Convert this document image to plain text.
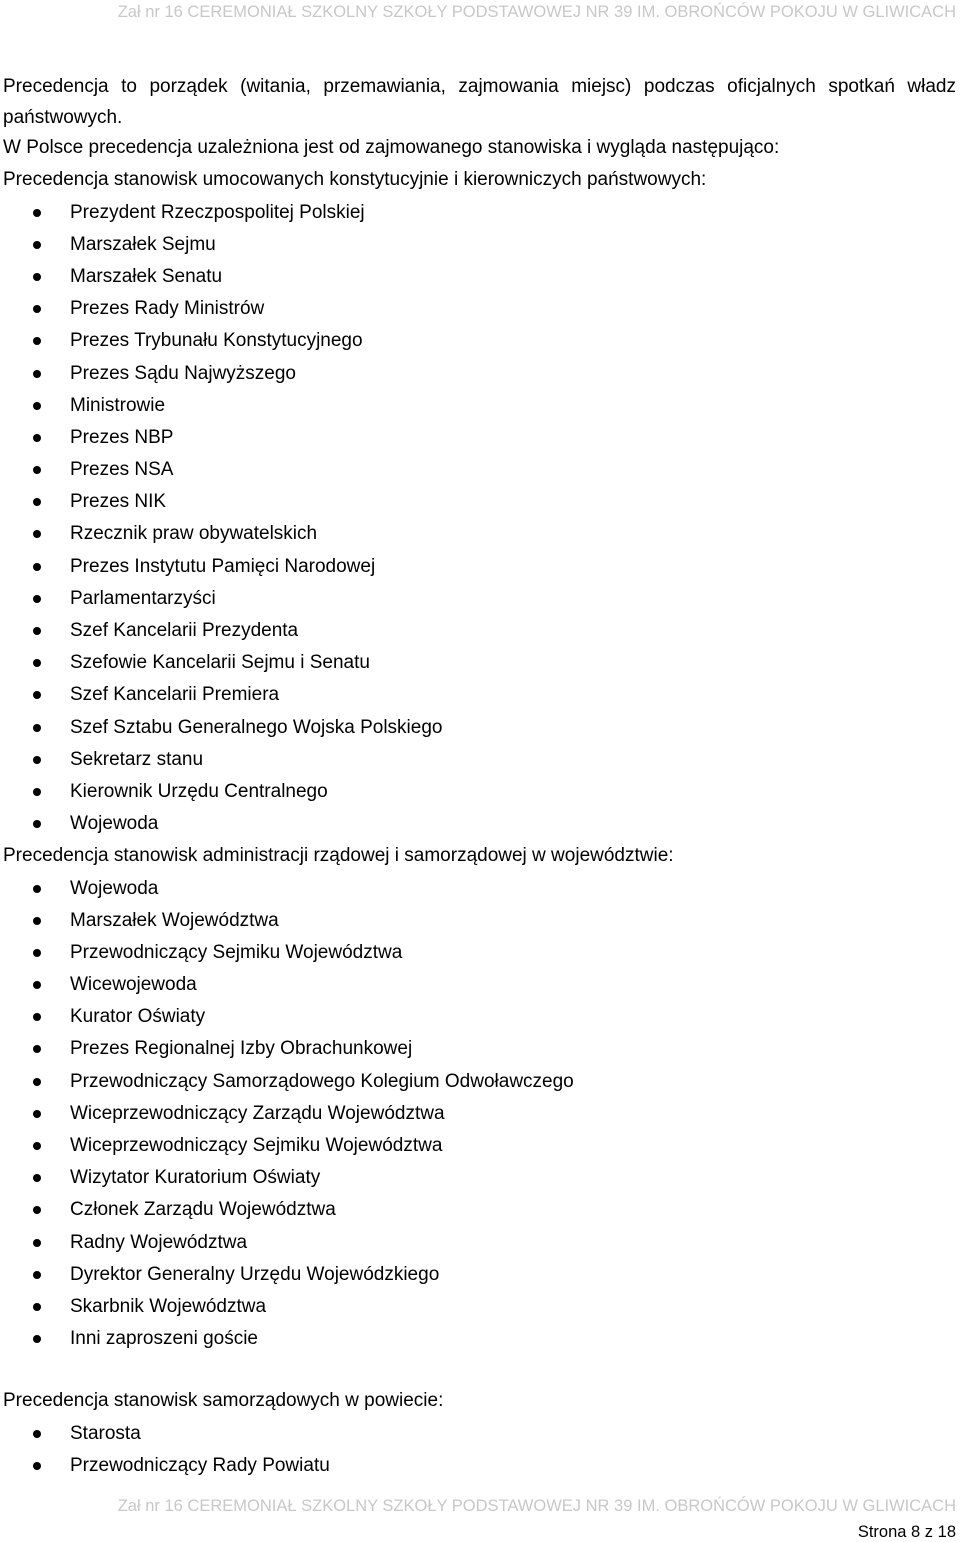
Zał nr 16 CEREMONIAŁ SZKOLNY SZKOŁY PODSTAWOWEJ NR 39 IM. OBROŃCÓW POKOJU W GLIWICACH
Precedencja to porządek (witania, przemawiania, zajmowania miejsc) podczas oficjalnych spotkań władz
państwowych.
W Polsce precedencja uzależniona jest od zajmowanego stanowiska i wygląda następująco:
Precedencja stanowisk umocowanych konstytucyjnie i kierowniczych państwowych:
Prezydent Rzeczpospolitej Polskiej
Marszałek Sejmu
Marszałek Senatu
Prezes Rady Ministrów
Prezes Trybunału Konstytucyjnego
Prezes Sądu Najwyższego
Ministrowie
Prezes NBP
Prezes NSA
Prezes NIK
Rzecznik praw obywatelskich
Prezes Instytutu Pamięci Narodowej
Parlamentarzyści
Szef Kancelarii Prezydenta
Szefowie Kancelarii Sejmu i Senatu
Szef Kancelarii Premiera
Szef Sztabu Generalnego Wojska Polskiego
Sekretarz stanu
Kierownik Urzędu Centralnego
Wojewoda
Precedencja stanowisk administracji rządowej i samorządowej w województwie:
Wojewoda
Marszałek Województwa
Przewodniczący Sejmiku Województwa
Wicewojewoda
Kurator Oświaty
Prezes Regionalnej Izby Obrachunkowej
Przewodniczący Samorządowego Kolegium Odwoławczego
Wiceprzewodniczący Zarządu Województwa
Wiceprzewodniczący Sejmiku Województwa
Wizytator Kuratorium Oświaty
Członek Zarządu Województwa
Radny Województwa
Dyrektor Generalny Urzędu Wojewódzkiego
Skarbnik Województwa
Inni zaproszeni goście
Precedencja stanowisk samorządowych w powiecie:
Starosta
Przewodniczący Rady Powiatu
Zał nr 16 CEREMONIAŁ SZKOLNY SZKOŁY PODSTAWOWEJ NR 39 IM. OBROŃCÓW POKOJU W GLIWICACH
Strona 8 z 18
